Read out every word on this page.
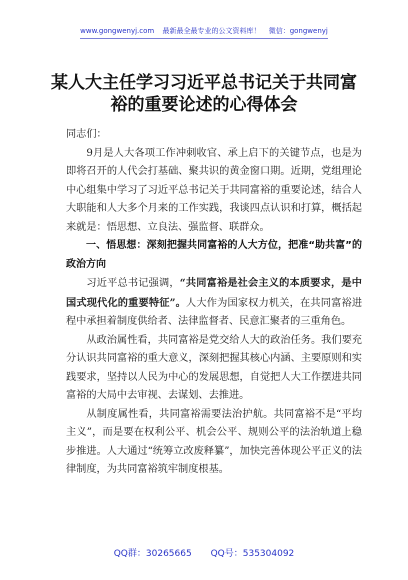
www.gongwenyj.com 最新最全最专业的公文资料库！ 微信：gongwenyj
某人大主任学习习近平总书记关于共同富裕的重要论述的心得体会

同志们：

9月是人大各项工作冲刺收官、承上启下的关键节点，也是为即将召开的人代会打基础、聚共识的黄金窗口期。近期，党组理论中心组集中学习了习近平总书记关于共同富裕的重要论述，结合人大职能和人大多个月来的工作实践，我谈四点认识和打算，概括起来就是：悟思想、立良法、强监督、联群众。

一、悟思想：深刻把握共同富裕的人大方位，把准“助共富”的政治方向

习近平总书记强调，“共同富裕是社会主义的本质要求，是中国式现代化的重要特征”。人大作为国家权力机关，在共同富裕进程中承担着制度供给者、法律监督者、民意汇聚者的三重角色。

从政治属性看，共同富裕是党交给人大的政治任务。我们要充分认识共同富裕的重大意义，深刻把握其核心内涵、主要原则和实践要求，坚持以人民为中心的发展思想，自觉把人大工作摆进共同富裕的大局中去审视、去谋划、去推进。

从制度属性看，共同富裕需要法治护航。共同富裕不是“平均主义”，而是要在权利公平、机会公平、规则公平的法治轨道上稳步推进。人大通过“统筹立改废释纂”，加快完善体现公平正义的法律制度，为共同富裕筑牢制度根基。

QQ群：30265665 QQ号：535304092
